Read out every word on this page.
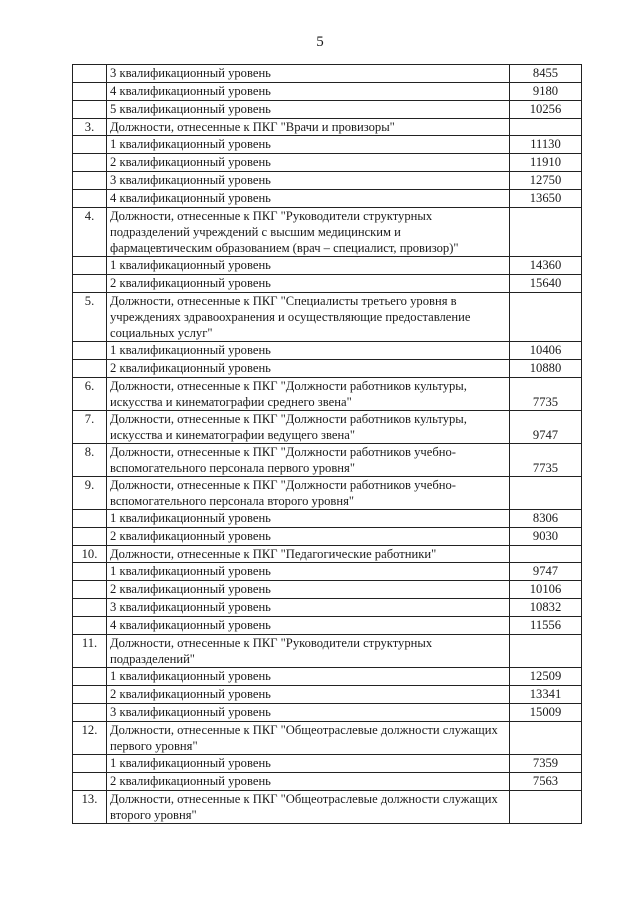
5
	3 квалификационный уровень	8455
	4 квалификационный уровень	9180
	5 квалификационный уровень	10256
3.	Должности, отнесенные к ПКГ "Врачи и провизоры"	
	1 квалификационный уровень	11130
	2 квалификационный уровень	11910
	3 квалификационный уровень	12750
	4 квалификационный уровень	13650
4.	Должности, отнесенные к ПКГ "Руководители структурных подразделений учреждений с высшим медицинским и фармацевтическим образованием (врач – специалист, провизор)"	
	1 квалификационный уровень	14360
	2 квалификационный уровень	15640
5.	Должности, отнесенные к ПКГ "Специалисты третьего уровня в учреждениях здравоохранения и осуществляющие предоставление социальных услуг"	
	1 квалификационный уровень	10406
	2 квалификационный уровень	10880
6.	Должности, отнесенные к ПКГ "Должности работников культуры, искусства и кинематографии среднего звена"	7735
7.	Должности, отнесенные к ПКГ "Должности работников культуры, искусства и кинематографии ведущего звена"	9747
8.	Должности, отнесенные к ПКГ "Должности работников учебно-вспомогательного персонала первого уровня"	7735
9.	Должности, отнесенные к ПКГ "Должности работников учебно-вспомогательного персонала второго уровня"	
	1 квалификационный уровень	8306
	2 квалификационный уровень	9030
10.	Должности, отнесенные к ПКГ "Педагогические работники"	
	1 квалификационный уровень	9747
	2 квалификационный уровень	10106
	3 квалификационный уровень	10832
	4 квалификационный уровень	11556
11.	Должности, отнесенные к ПКГ "Руководители структурных подразделений"	
	1 квалификационный уровень	12509
	2 квалификационный уровень	13341
	3 квалификационный уровень	15009
12.	Должности, отнесенные к ПКГ "Общеотраслевые должности служащих первого уровня"	
	1 квалификационный уровень	7359
	2 квалификационный уровень	7563
13.	Должности, отнесенные к ПКГ "Общеотраслевые должности служащих второго уровня"	
